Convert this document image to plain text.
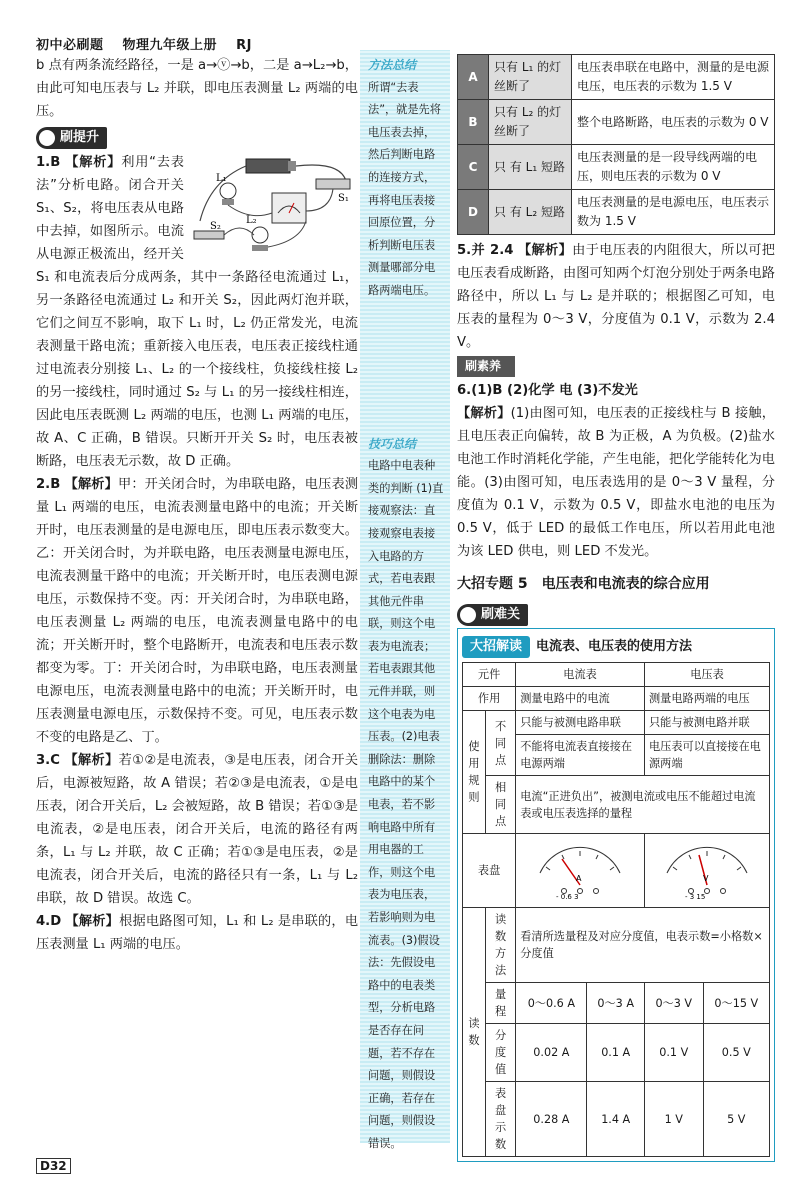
初中必刷题 物理九年级上册 RJ

b 点有两条流经路径，一是 a→ⓥ→b，二是 a→L₂→b，由此可知电压表与 L₂ 并联，即电压表测量 L₂ 两端的电压。

刷提升

L₁
S₁
S₂
L₂
1.B 【解析】利用“去表法”分析电路。闭合开关 S₁、S₂，将电压表从电路中去掉，如图所示。电流从电源正极流出，经开关 S₁ 和电流表后分成两条，其中一条路径电流通过 L₁，另一条路径电流通过 L₂ 和开关 S₂，因此两灯泡并联，它们之间互不影响，取下 L₁ 时，L₂ 仍正常发光，电流表测量干路电流；重新接入电压表，电压表正接线柱通过电流表分别接 L₁、L₂ 的一个接线柱，负接线柱接 L₂ 的另一接线柱，同时通过 S₂ 与 L₁ 的另一接线柱相连，因此电压表既测 L₂ 两端的电压，也测 L₁ 两端的电压，故 A、C 正确，B 错误。只断开开关 S₂ 时，电压表被断路，电压表无示数，故 D 正确。

2.B 【解析】甲：开关闭合时，为串联电路，电压表测量 L₁ 两端的电压，电流表测量电路中的电流；开关断开时，电压表测量的是电源电压，即电压表示数变大。乙：开关闭合时，为并联电路，电压表测量电源电压，电流表测量干路中的电流；开关断开时，电压表测电源电压，示数保持不变。丙：开关闭合时，为串联电路，电压表测量 L₂ 两端的电压，电流表测量电路中的电流；开关断开时，整个电路断开，电流表和电压表示数都变为零。丁：开关闭合时，为串联电路，电压表测量电源电压，电流表测量电路中的电流；开关断开时，电压表测量电源电压，示数保持不变。可见，电压表示数不变的电路是乙、丁。

3.C 【解析】若①②是电流表，③是电压表，闭合开关后，电源被短路，故 A 错误；若②③是电流表，①是电压表，闭合开关后，L₂ 会被短路，故 B 错误；若①③是电流表，②是电压表，闭合开关后，电流的路径有两条，L₁ 与 L₂ 并联，故 C 正确；若①③是电压表，②是电流表，闭合开关后，电流的路径只有一条，L₁ 与 L₂ 串联，故 D 错误。故选 C。

4.D 【解析】根据电路图可知，L₁ 和 L₂ 是串联的，电压表测量 L₁ 两端的电压。

方法总结
所谓“去表法”，就是先将电压表去掉，然后判断电路的连接方式，再将电压表接回原位置，分析判断电压表测量哪部分电路两端电压。
技巧总结
电路中电表种类的判断 (1)直接观察法：直接观察电表接入电路的方式，若电表跟其他元件串联，则这个电表为电流表；若电表跟其他元件并联，则这个电表为电压表。(2)电表删除法：删除电路中的某个电表，若不影响电路中所有用电器的工作，则这个电表为电压表，若影响则为电流表。(3)假设法：先假设电路中的电表类型，分析电路是否存在问题，若不存在问题，则假设正确，若存在问题，则假设错误。
A	只有 L₁ 的灯丝断了	电压表串联在电路中，测量的是电源电压，电压表的示数为 1.5 V
B	只有 L₂ 的灯丝断了	整个电路断路，电压表的示数为 0 V
C	只 有 L₁ 短路	电压表测量的是一段导线两端的电压，则电压表的示数为 0 V
D	只 有 L₂ 短路	电压表测量的是电源电压，电压表示数为 1.5 V

5.并 2.4 【解析】由于电压表的内阻很大，所以可把电压表看成断路，由图可知两个灯泡分别处于两条电路路径中，所以 L₁ 与 L₂ 是并联的；根据图乙可知，电压表的量程为 0～3 V，分度值为 0.1 V，示数为 2.4 V。

刷素养

6.(1)B (2)化学 电 (3)不发光
【解析】(1)由图可知，电压表的正接线柱与 B 接触，且电压表正向偏转，故 B 为正极，A 为负极。(2)盐水电池工作时消耗化学能，产生电能，把化学能转化为电能。(3)由图可知，电压表选用的是 0～3 V 量程，分度值为 0.1 V，示数为 0.5 V，即盐水电池的电压为 0.5 V，低于 LED 的最低工作电压，所以若用此电池为该 LED 供电，则 LED 不发光。

大招专题 5　电压表和电流表的综合应用
刷难关
大招解读	电流表、电压表的使用方法
元件		电流表		电压表	
作用		测量电路中的电流		测量电路两端的电压	
使用规则	不同点	只能与被测电路串联		只能与被测电路并联	
		不能将电流表直接接在电源两端		电压表可以直接接在电源两端	
	相同点	电流“正进负出”，被测电流或电压不能超过电流表或电压表选择的量程			
表盘		A
- 0.6 3		V
- 3 15	

读数	读数方法	看清所选量程及对应分度值，电表示数=小格数×分度值			
	量程	0～0.6 A	0～3 A	0～3 V	0～15 V
	分度值	0.02 A	0.1 A	0.1 V	0.5 V
	表盘示数	0.28 A	1.4 A	1 V	5 V
D32
